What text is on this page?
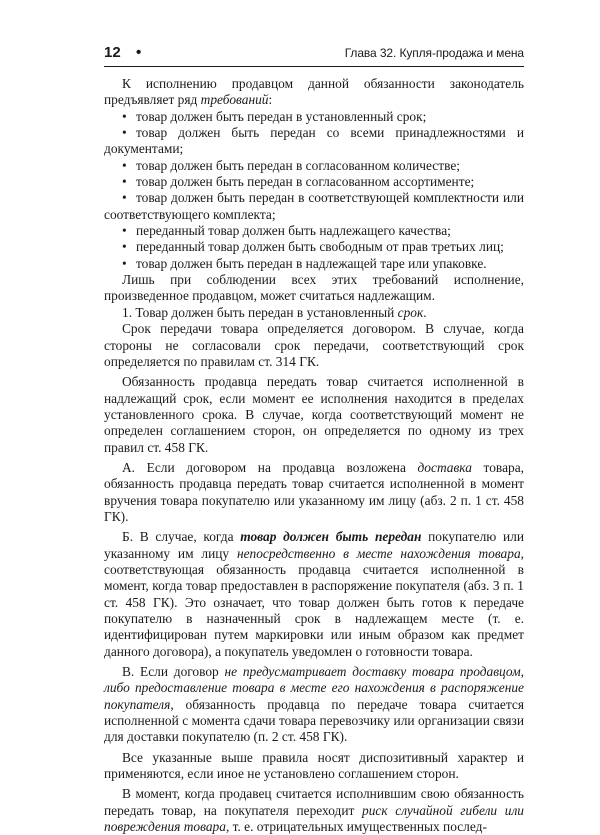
12 •	Глава 32. Купля-продажа и мена

К исполнению продавцом данной обязанности законодатель предъявляет ряд требований:

• товар должен быть передан в установленный срок;

• товар должен быть передан со всеми принадлежностями и документами;

• товар должен быть передан в согласованном количестве;

• товар должен быть передан в согласованном ассортименте;

• товар должен быть передан в соответствующей комплектности или соответствующего комплекта;

• переданный товар должен быть надлежащего качества;

• переданный товар должен быть свободным от прав третьих лиц;

• товар должен быть передан в надлежащей таре или упаковке.

Лишь при соблюдении всех этих требований исполнение, произведенное продавцом, может считаться надлежащим.

1. Товар должен быть передан в установленный срок.

Срок передачи товара определяется договором. В случае, когда стороны не согласовали срок передачи, соответствующий срок определяется по правилам ст. 314 ГК.

Обязанность продавца передать товар считается исполненной в надлежащий срок, если момент ее исполнения находится в пределах установленного срока. В случае, когда соответствующий момент не определен соглашением сторон, он определяется по одному из трех правил ст. 458 ГК.

А. Если договором на продавца возложена доставка товара, обязанность продавца передать товар считается исполненной в момент вручения товара покупателю или указанному им лицу (абз. 2 п. 1 ст. 458 ГК).

Б. В случае, когда товар должен быть передан покупателю или указанному им лицу непосредственно в месте нахождения товара, соответствующая обязанность продавца считается исполненной в момент, когда товар предоставлен в распоряжение покупателя (абз. 3 п. 1 ст. 458 ГК). Это означает, что товар должен быть готов к передаче покупателю в назначенный срок в надлежащем месте (т. е. идентифицирован путем маркировки или иным образом как предмет данного договора), а покупатель уведомлен о готовности товара.

В. Если договор не предусматривает доставку товара продавцом, либо предоставление товара в месте его нахождения в распоряжение покупателя, обязанность продавца по передаче товара считается исполненной с момента сдачи товара перевозчику или организации связи для доставки покупателю (п. 2 ст. 458 ГК).

Все указанные выше правила носят диспозитивный характер и применяются, если иное не установлено соглашением сторон.

В момент, когда продавец считается исполнившим свою обязанность передать товар, на покупателя переходит риск случайной гибели или повреждения товара, т. е. отрицательных имущественных послед-
